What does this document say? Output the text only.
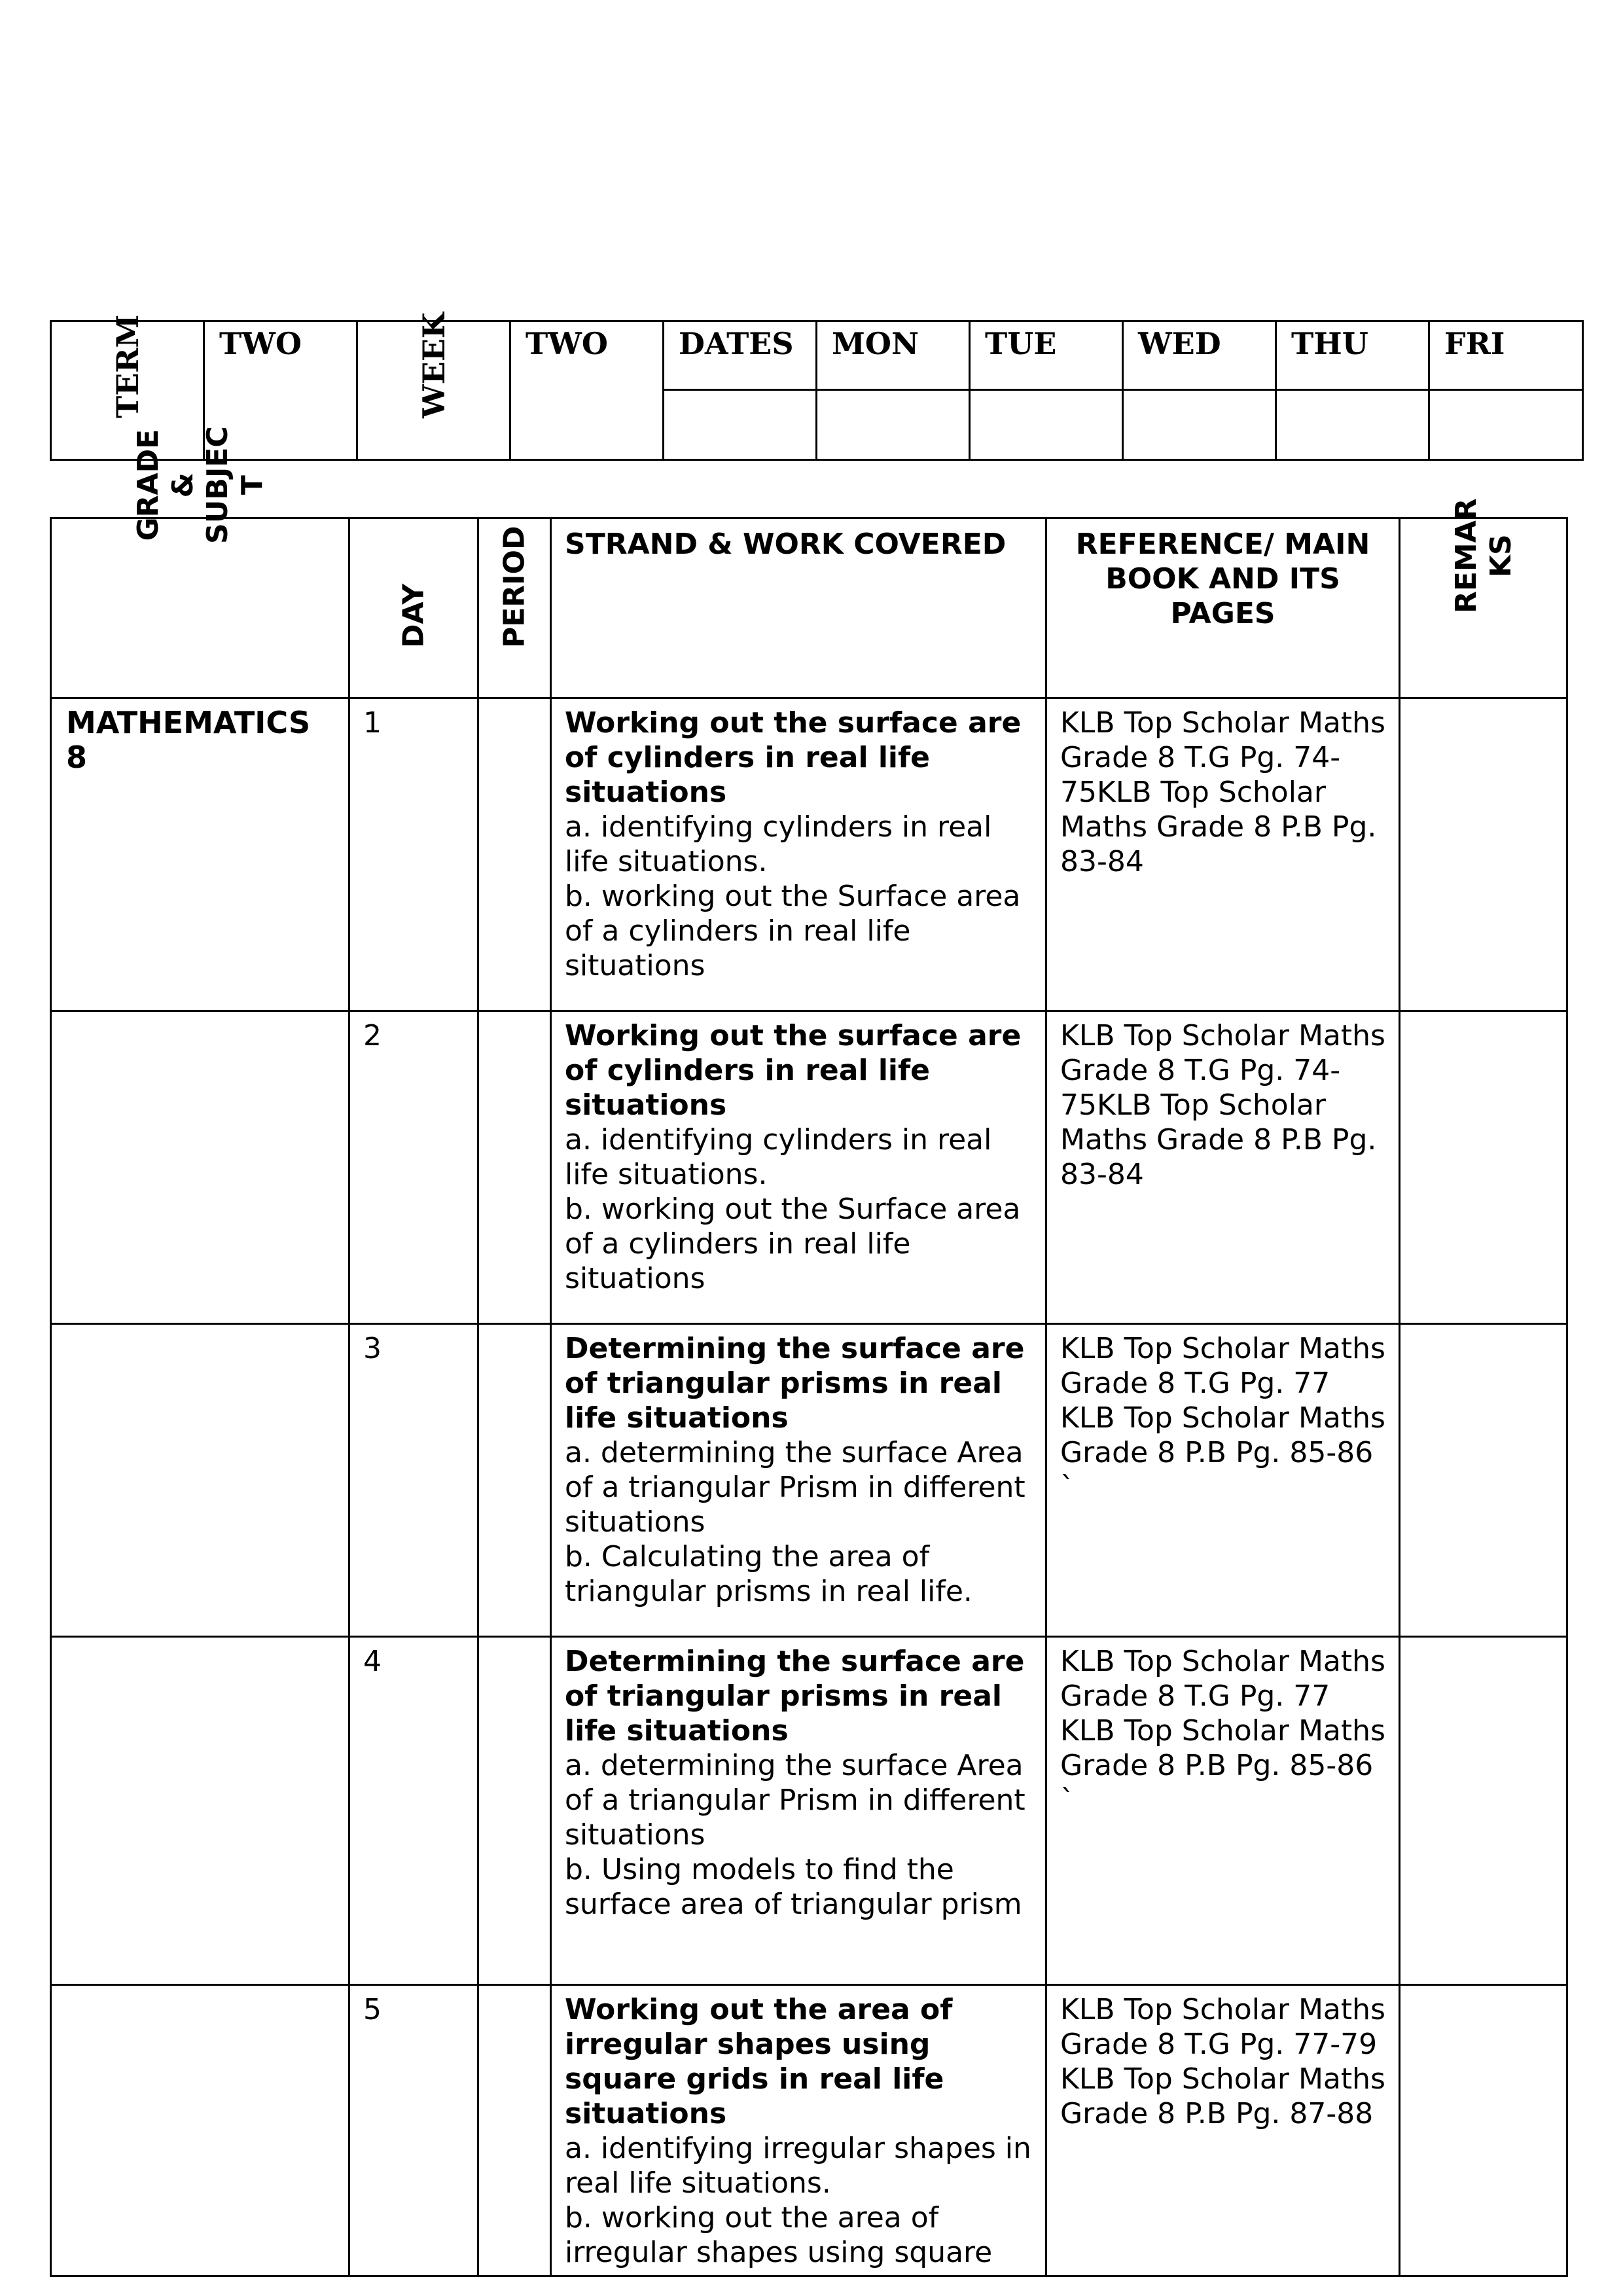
TERM	TWO	WEEK	TWO	DATES	MON	TUE	WED	THU	FRI

GRADE
&
SUBJEC
T	DAY	PERIOD	STRAND & WORK COVERED	REFERENCE/ MAIN BOOK AND ITS PAGES	REMAR
KS

MATHEMATICS 8	1		Working out the surface are of cylinders in real life situations
a. identifying cylinders in real life situations.
b. working out the Surface area of a cylinders in real life situations	KLB Top Scholar Maths Grade 8 T.G Pg. 74-75KLB Top Scholar Maths Grade 8 P.B Pg. 83-84	

	2		Working out the surface are of cylinders in real life situations
a. identifying cylinders in real life situations.
b. working out the Surface area of a cylinders in real life situations	KLB Top Scholar Maths Grade 8 T.G Pg. 74-75KLB Top Scholar Maths Grade 8 P.B Pg. 83-84	

	3		Determining the surface are of triangular prisms in real life situations
a. determining the surface Area of a triangular Prism in different situations
b. Calculating the area of triangular prisms in real life.	KLB Top Scholar Maths Grade 8 T.G Pg. 77 KLB Top Scholar Maths Grade 8 P.B Pg. 85-86
`	

	4		Determining the surface are of triangular prisms in real life situations
a. determining the surface Area of a triangular Prism in different situations
b. Using models to find the surface area of triangular prism	KLB Top Scholar Maths Grade 8 T.G Pg. 77 KLB Top Scholar Maths Grade 8 P.B Pg. 85-86
`	

	5		Working out the area of irregular shapes using square grids in real life situations
a. identifying irregular shapes in real life situations.
b. working out the area of irregular shapes using square	KLB Top Scholar Maths Grade 8 T.G Pg. 77-79 KLB Top Scholar Maths Grade 8 P.B Pg. 87-88	
